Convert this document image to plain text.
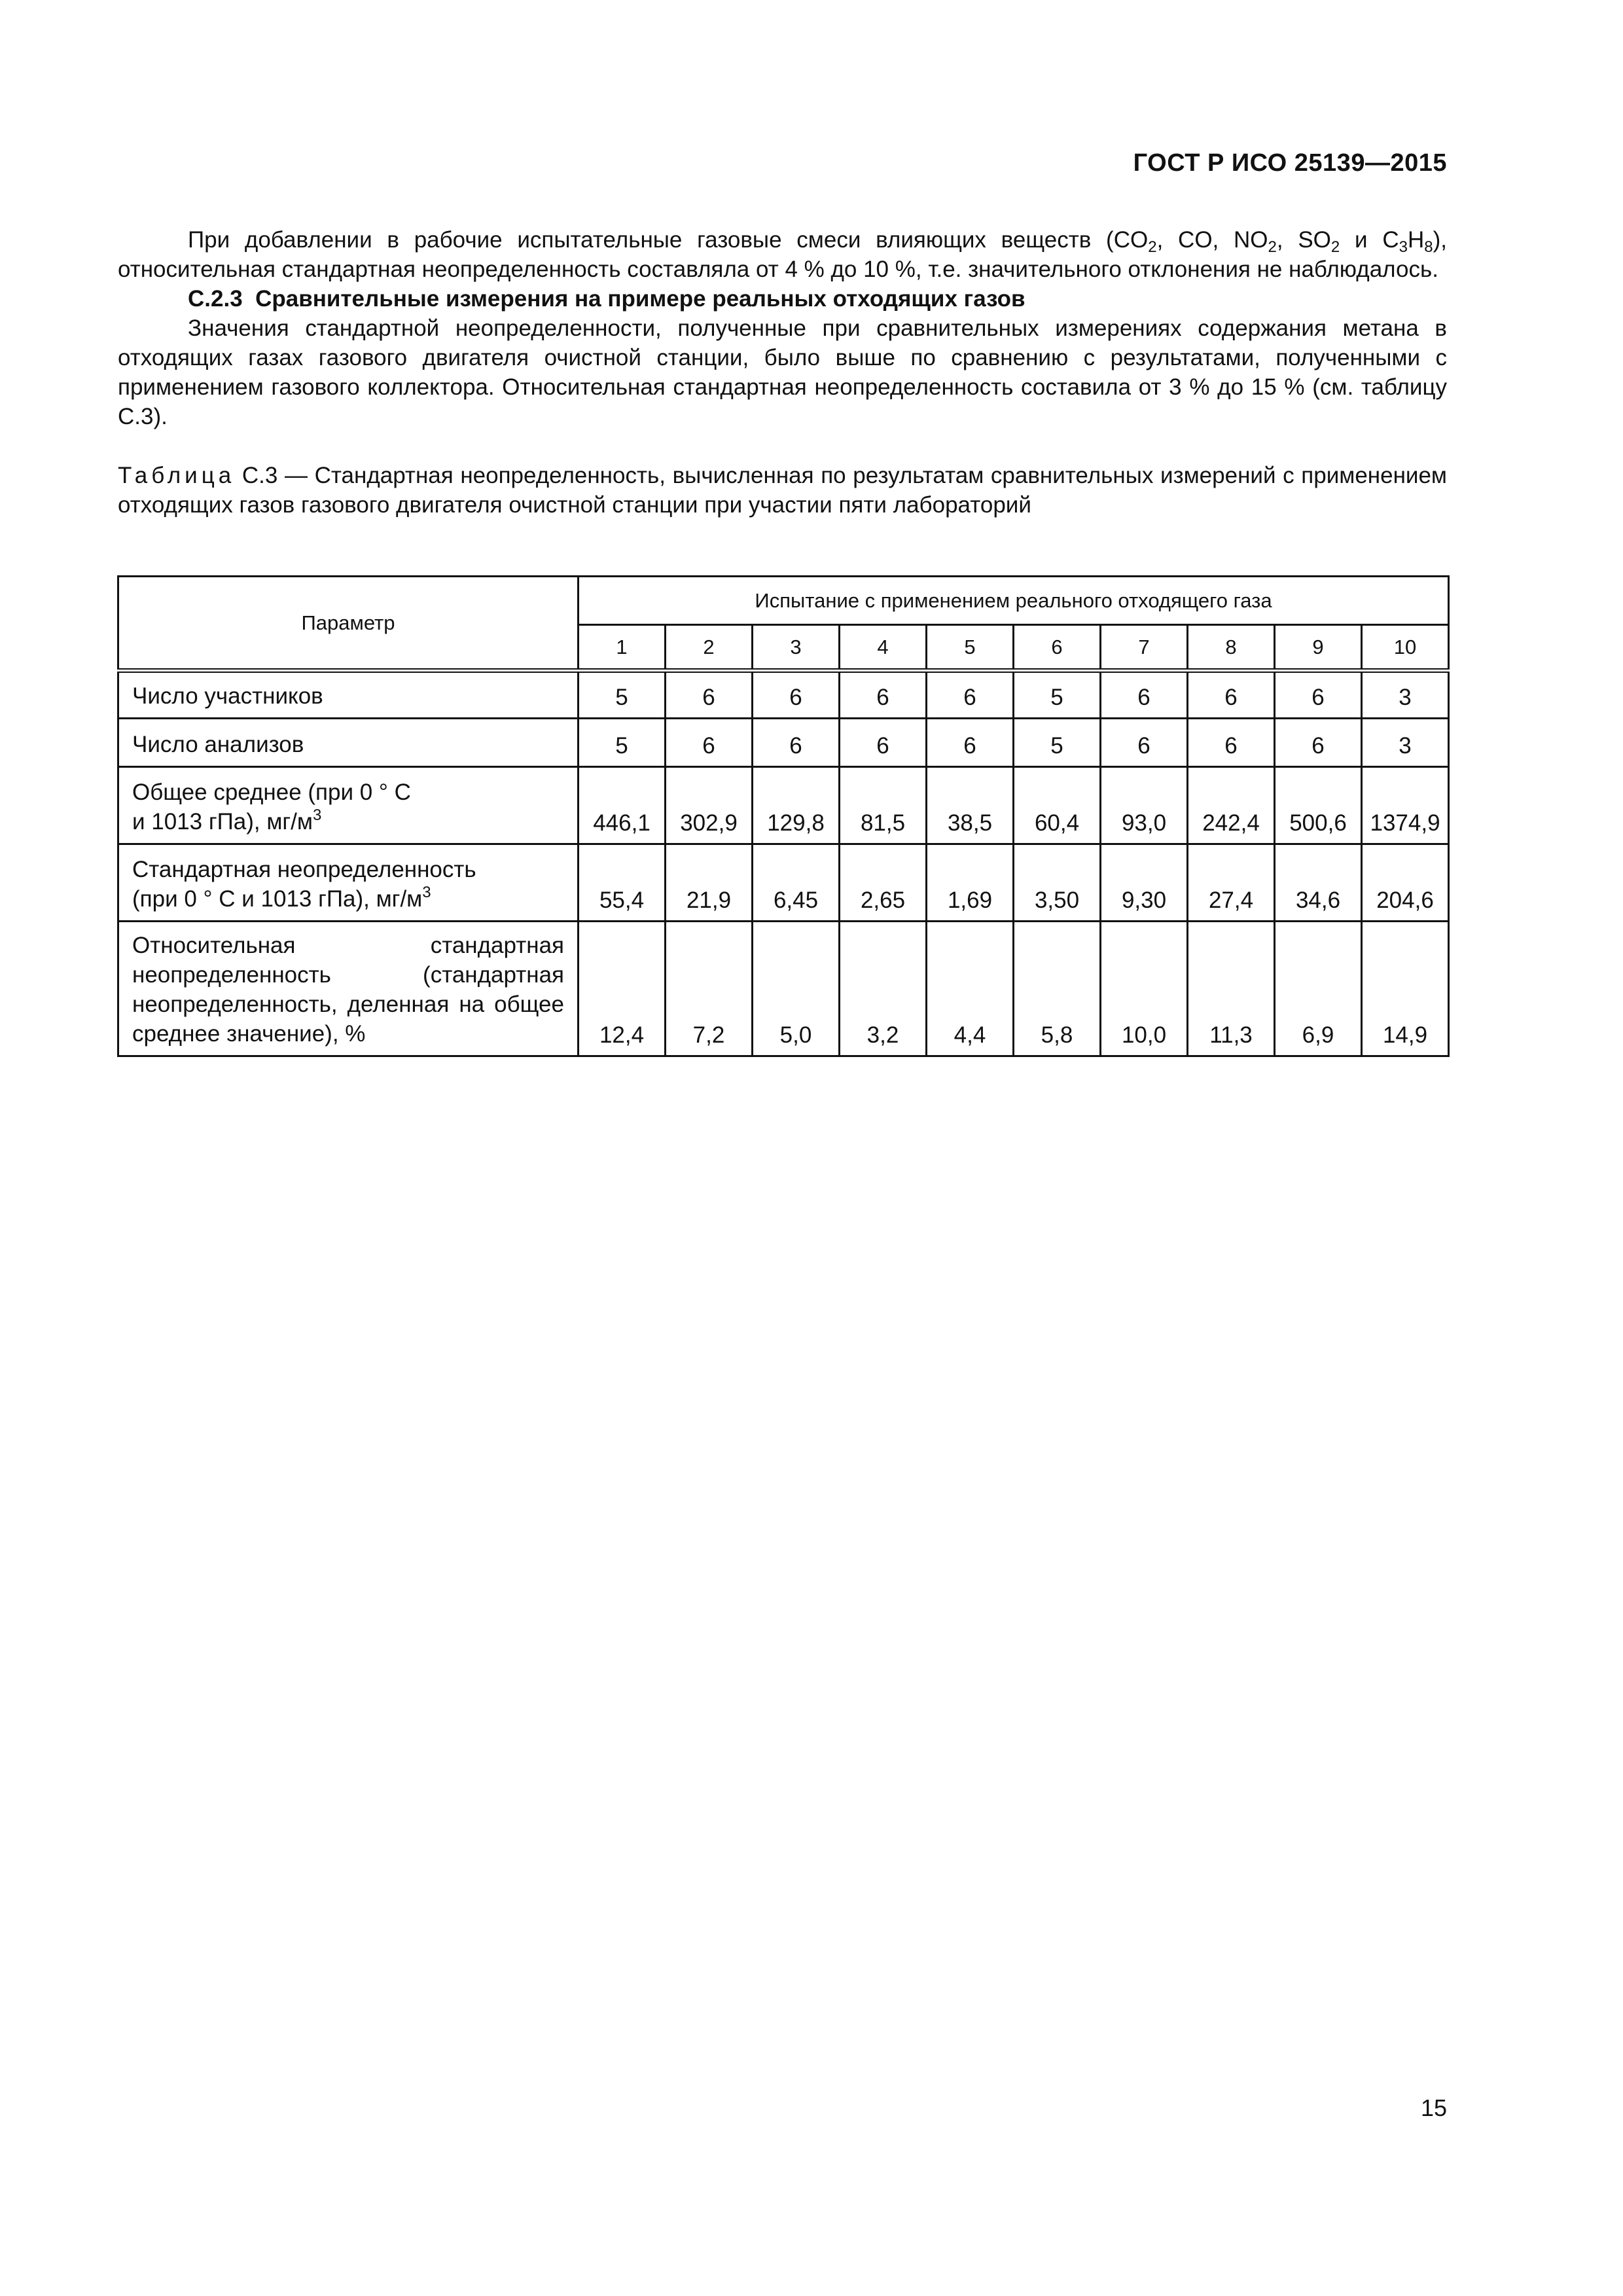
ГОСТ Р ИСО 25139—2015

При добавлении в рабочие испытательные газовые смеси влияющих веществ ($CO_2$, CO, $NO_2$, $SO_2$ и $C_3H_8$), относительная стандартная неопределенность составляла от 4 % до 10 %, т.е. значительного отклонения не наблюдалось.

С.2.3 Сравнительные измерения на примере реальных отходящих газов

Значения стандартной неопределенности, полученные при сравнительных измерениях содержания метана в отходящих газах газового двигателя очистной станции, было выше по сравнению с результатами, полученными с применением газового коллектора. Относительная стандартная неопределенность составила от 3 % до 15 % (см. таблицу С.3).

Таблица С.3 — Стандартная неопределенность, вычисленная по результатам сравнительных измерений с применением отходящих газов газового двигателя очистной станции при участии пяти лабораторий

Параметр	Испытание с применением реального отходящего газа									
	1	2	3	4	5	6	7	8	9	10
Число участников	5	6	6	6	6	5	6	6	6	3
Число анализов	5	6	6	6	6	5	6	6	6	3
Общее среднее (при 0 ° С
и 1013 гПа), $мг/м^3$	446,1	302,9	129,8	81,5	38,5	60,4	93,0	242,4	500,6	1374,9
Стандартная неопределенность
(при 0 ° С и 1013 гПа), $мг/м^3$	55,4	21,9	6,45	2,65	1,69	3,50	9,30	27,4	34,6	204,6
Относительная стандартная неопределенность (стандартная неопределенность, деленная на общее среднее значение), %	12,4	7,2	5,0	3,2	4,4	5,8	10,0	11,3	6,9	14,9
15
